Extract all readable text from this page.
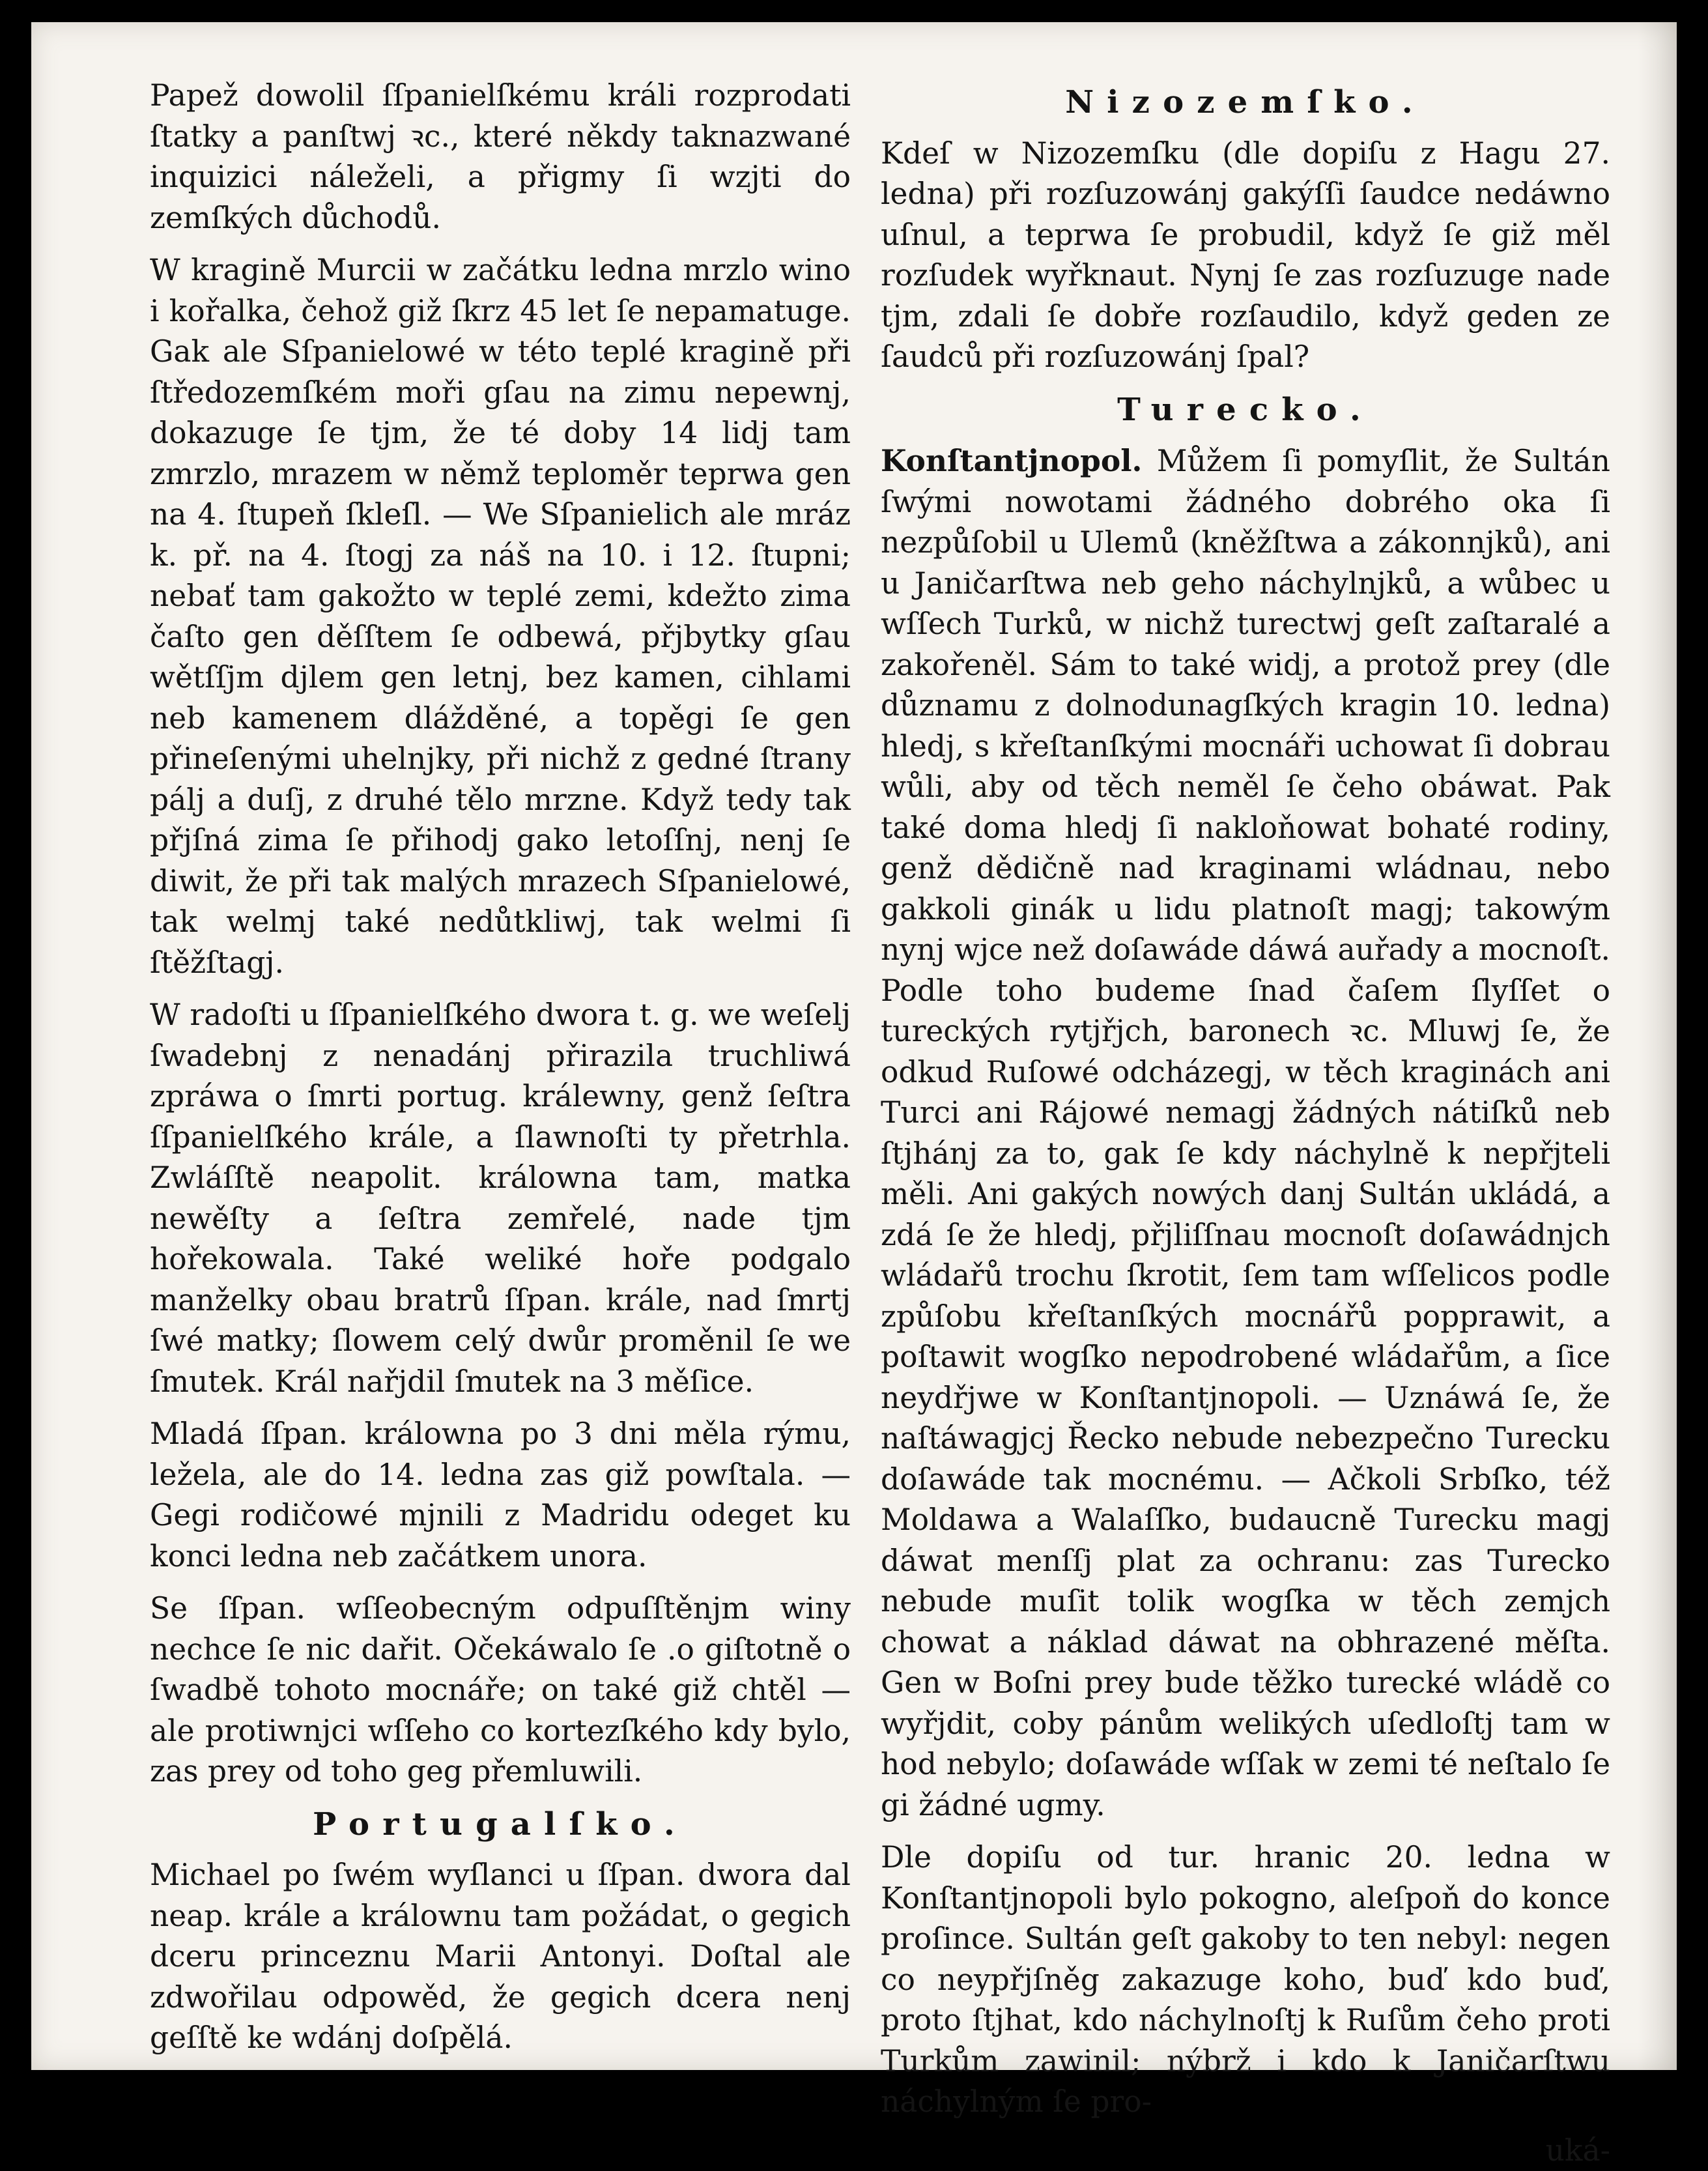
Papež dowolil ſſpanielſkému králi rozprodati ſtatky a panſtwj ꝛc., které někdy taknazwané inquizici náleželi, a přigmy ſi wzjti do zemſkých důchodů.

W kragině Murcii w začátku ledna mrzlo wino i kořalka, čehož giž ſkrz 45 let ſe nepamatuge. Gak ale Sſpanielowé w této teplé kragině při ſtředozemſkém moři gſau na zimu nepewnj, dokazuge ſe tjm, že té doby 14 lidj tam zmrzlo, mrazem w němž teploměr teprwa gen na 4. ſtupeň ſkleſl. — We Sſpanielich ale mráz k. př. na 4. ſtogj za náš na 10. i 12. ſtupni; nebať tam gakožto w teplé zemi, kdežto zima čaſto gen děſſtem ſe odbewá, přjbytky gſau wětſſjm djlem gen letnj, bez kamen, cihlami neb kamenem dlážděné, a topěgi ſe gen přineſenými uhelnjky, při nichž z gedné ſtrany pálj a duſj, z druhé tělo mrzne. Když tedy tak přjſná zima ſe přihodj gako letoſſnj, nenj ſe diwit, že při tak malých mrazech Sſpanielowé, tak welmj také nedůtkliwj, tak welmi ſi ſtěžſtagj.

W radoſti u ſſpanielſkého dwora t. g. we weſelj ſwadebnj z nenadánj přirazila truchliwá zpráwa o ſmrti portug. králewny, genž ſeſtra ſſpanielſkého krále, a ſlawnoſti ty přetrhla. Zwláſſtě neapolit. králowna tam, matka newěſty a ſeſtra zemřelé, nade tjm hořekowala. Také weliké hoře podgalo manželky obau bratrů ſſpan. krále, nad ſmrtj ſwé matky; ſlowem celý dwůr proměnil ſe we ſmutek. Král nařjdil ſmutek na 3 měſice.

Mladá ſſpan. králowna po 3 dni měla rýmu, ležela, ale do 14. ledna zas giž powſtala. — Gegi rodičowé mjnili z Madridu odeget ku konci ledna neb začátkem unora.

Se ſſpan. wſſeobecným odpuſſtěnjm winy nechce ſe nic dařit. Očekáwalo ſe .o giſtotně o ſwadbě tohoto mocnáře; on také giž chtěl — ale protiwnjci wſſeho co kortezſkého kdy bylo, zas prey od toho geg přemluwili.

Portugalſko.

Michael po ſwém wyſlanci u ſſpan. dwora dal neap. krále a králownu tam požádat, o gegich dceru princeznu Marii Antonyi. Doſtal ale zdwořilau odpowěd, že gegich dcera nenj geſſtě ke wdánj doſpělá.

Nizozemſko.

Kdeſ w Nizozemſku (dle dopiſu z Hagu 27. ledna) při rozſuzowánj gakýſſi ſaudce nedáwno uſnul, a teprwa ſe probudil, když ſe giž měl rozſudek wyřknaut. Nynj ſe zas rozſuzuge nade tjm, zdali ſe dobře rozſaudilo, když geden ze ſaudců při rozſuzowánj ſpal?

Turecko.

Konſtantjnopol. Můžem ſi pomyſlit, že Sultán ſwými nowotami žádného dobrého oka ſi nezpůſobil u Ulemů (kněžſtwa a zákonnjků), ani u Janičarſtwa neb geho náchylnjků, a wůbec u wſſech Turků, w nichž turectwj geſt zaſtaralé a zakořeněl. Sám to také widj, a protož prey (dle důznamu z dolnodunagſkých kragin 10. ledna) hledj, s křeſtanſkými mocnáři uchowat ſi dobrau wůli, aby od těch neměl ſe čeho obáwat. Pak také doma hledj ſi nakloňowat bohaté rodiny, genž dědičně nad kraginami wládnau, nebo gakkoli ginák u lidu platnoſt magj; takowým nynj wjce než doſawáde dáwá auřady a mocnoſt. Podle toho budeme ſnad čaſem ſlyſſet o tureckých rytjřjch, baronech ꝛc. Mluwj ſe, že odkud Ruſowé odcházegj, w těch kraginách ani Turci ani Rájowé nemagj žádných nátiſků neb ſtjhánj za to, gak ſe kdy náchylně k nepřjteli měli. Ani gakých nowých danj Sultán ukládá, a zdá ſe že hledj, přjliſſnau mocnoſt doſawádnjch wládařů trochu ſkrotit, ſem tam wſſelicos podle způſobu křeſtanſkých mocnářů popprawit, a poſtawit wogſko nepodrobené wládařům, a ſice neydřjwe w Konſtantjnopoli. — Uznáwá ſe, že naſtáwagjcj Řecko nebude nebezpečno Turecku doſawáde tak mocnému. — Ačkoli Srbſko, též Moldawa a Walaſſko, budaucně Turecku magj dáwat menſſj plat za ochranu: zas Turecko nebude muſit tolik wogſka w těch zemjch chowat a náklad dáwat na obhrazené měſta. Gen w Boſni prey bude těžko turecké wládě co wyřjdit, coby pánům welikých uſedloſtj tam w hod nebylo; doſawáde wſſak w zemi té neſtalo ſe gi žádné ugmy.

Dle dopiſu od tur. hranic 20. ledna w Konſtantjnopoli bylo pokogno, aleſpoň do konce proſince. Sultán geſt gakoby to ten nebyl: negen co neypřjſněg zakazuge koho, buď kdo buď, proto ſtjhat, kdo náchylnoſtj k Ruſům čeho proti Turkům zawinil; nýbrž i kdo k Janičarſtwu náchylným ſe pro-

uká-
